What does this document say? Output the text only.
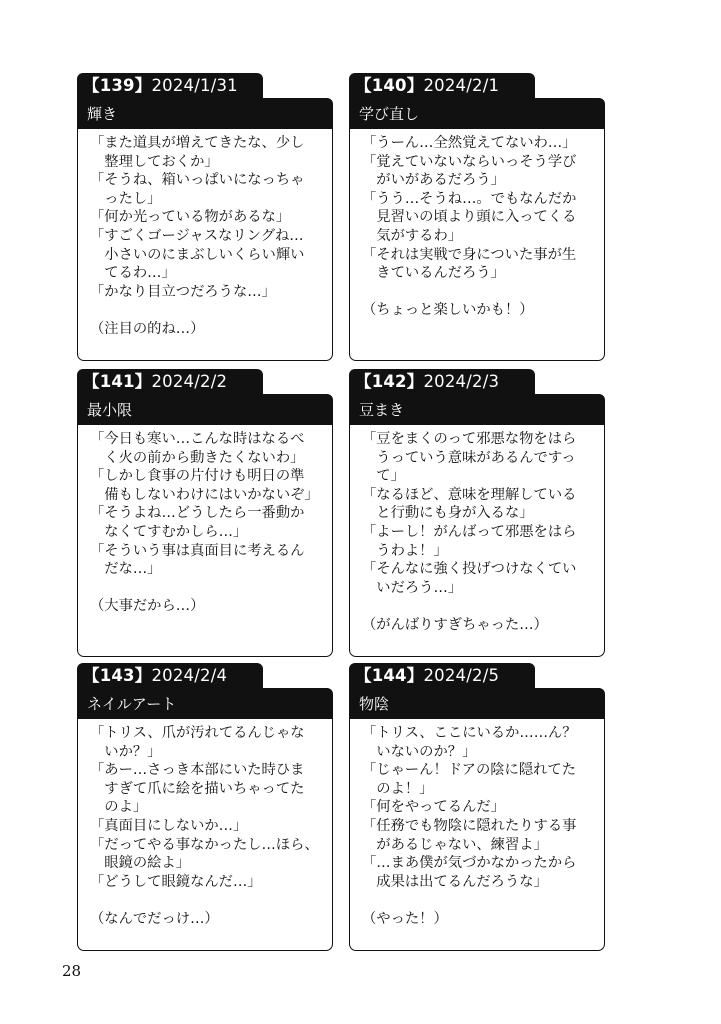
【139】2024/1/31
輝き
「また道具が増えてきたな、少し
　整理しておくか」
「そうね、箱いっぱいになっちゃ
　ったし」
「何か光っている物があるな」
「すごくゴージャスなリングね…
　小さいのにまぶしいくらい輝い
　てるわ…」
「かなり目立つだろうな…」
（注目の的ね…）
【140】2024/2/1
学び直し
「うーん…全然覚えてないわ…」
「覚えていないならいっそう学び
　がいがあるだろう」
「うう…そうね…。でもなんだか
　見習いの頃より頭に入ってくる
　気がするわ」
「それは実戦で身についた事が生
　きているんだろう」
（ちょっと楽しいかも！）
【141】2024/2/2
最小限
「今日も寒い…こんな時はなるべ
　く火の前から動きたくないわ」
「しかし食事の片付けも明日の準
　備もしないわけにはいかないぞ」
「そうよね…どうしたら一番動か
　なくてすむかしら…」
「そういう事は真面目に考えるん
　だな…」
（大事だから…）
【142】2024/2/3
豆まき
「豆をまくのって邪悪な物をはら
　うっていう意味があるんですっ
　て」
「なるほど、意味を理解している
　と行動にも身が入るな」
「よーし！がんばって邪悪をはら
　うわよ！」
「そんなに強く投げつけなくてい
　いだろう…」
（がんばりすぎちゃった…）
【143】2024/2/4
ネイルアート
「トリス、爪が汚れてるんじゃな
　いか？」
「あー…さっき本部にいた時ひま
　すぎて爪に絵を描いちゃってた
　のよ」
「真面目にしないか…」
「だってやる事なかったし…ほら、
　眼鏡の絵よ」
「どうして眼鏡なんだ…」
（なんでだっけ…）
【144】2024/2/5
物陰
「トリス、ここにいるか……ん？
　いないのか？」
「じゃーん！ドアの陰に隠れてた
　のよ！」
「何をやってるんだ」
「任務でも物陰に隠れたりする事
　があるじゃない、練習よ」
「…まあ僕が気づかなかったから
　成果は出てるんだろうな」
（やった！）
28
